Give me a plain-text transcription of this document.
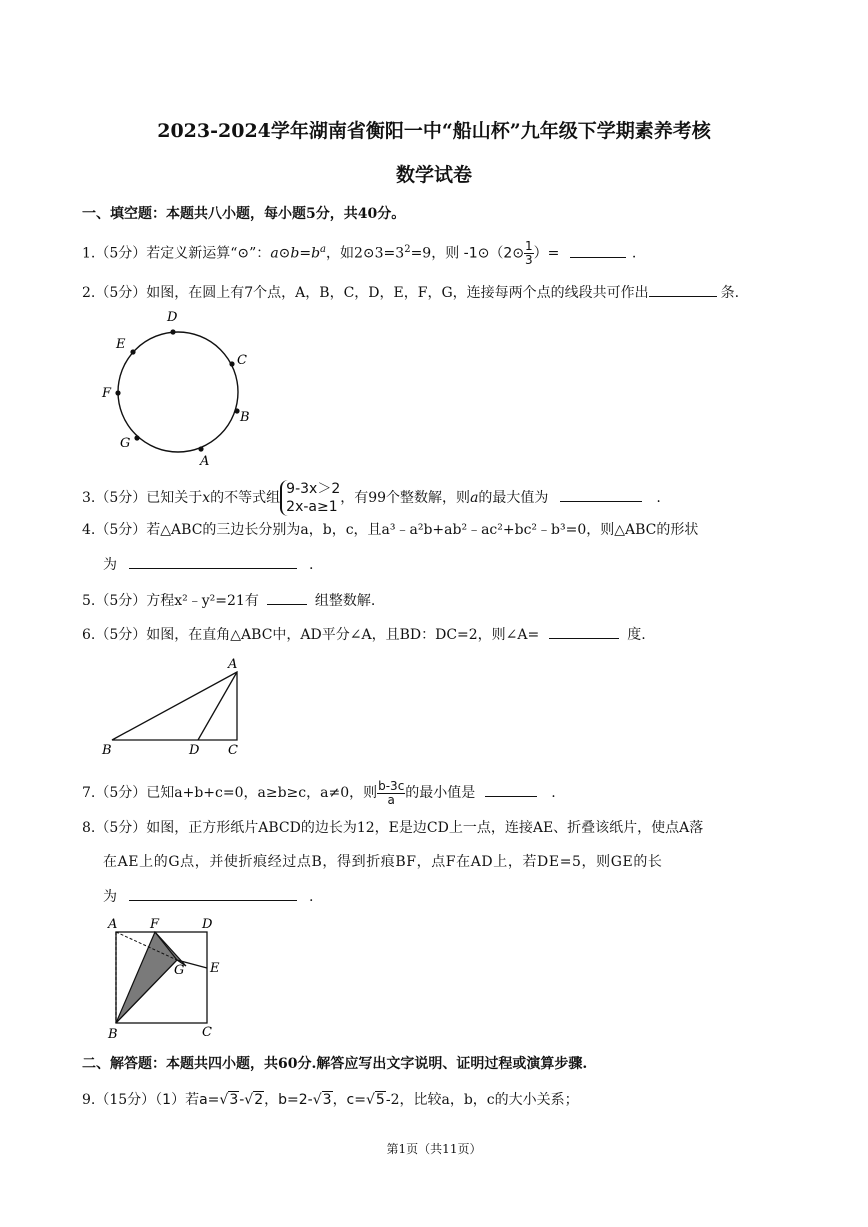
2023-2024学年湖南省衡阳一中“船山杯”九年级下学期素养考核
数学试卷
一、填空题：本题共八小题，每小题5分，共40分。
1.（5分）若定义新运算“⊙”：$a⊙b=b^a$，如$2⊙3=3^2=9$，则 -1⊙（2⊙ $\frac{1}{3}$ ）=	.
2.（5分）如图，在圆上有7个点，A，B，C，D，E，F，G，连接每两个点的线段共可作出	条.
D
E
C
F
B
G
A
3.（5分）已知关于x的不等式组
9-3x＞2
2x-a≥1
，有99个整数解，则a的最大值为	.
4.（5分）若△ABC的三边长分别为a，b，c，且a³﹣a²b+ab²﹣ac²+bc²﹣b³=0，则△ABC的形状
为	.
5.（5分）方程x²﹣y²=21有	组整数解.
6.（5分）如图，在直角△ABC中，AD平分∠A，且BD：DC=2，则∠A=	度.
A
B	D C
7.（5分）已知a+b+c=0，a≥b≥c，a≠0，则 $\frac{b-3c}{a}$ 的最小值是	.
8.（5分）如图，正方形纸片ABCD的边长为12，E是边CD上一点，连接AE、折叠该纸片，使点A落
在AE上的G点，并使折痕经过点B，得到折痕BF，点F在AD上，若DE=5，则GE的长
为	.
A	F	D
G E
B	C
二、解答题：本题共四小题，共60分.解答应写出文字说明、证明过程或演算步骤.
9.（15分）（1）若a=√3-√2，b=2-√3，c=√5-2，比较a，b，c的大小关系；
第1页（共11页）
